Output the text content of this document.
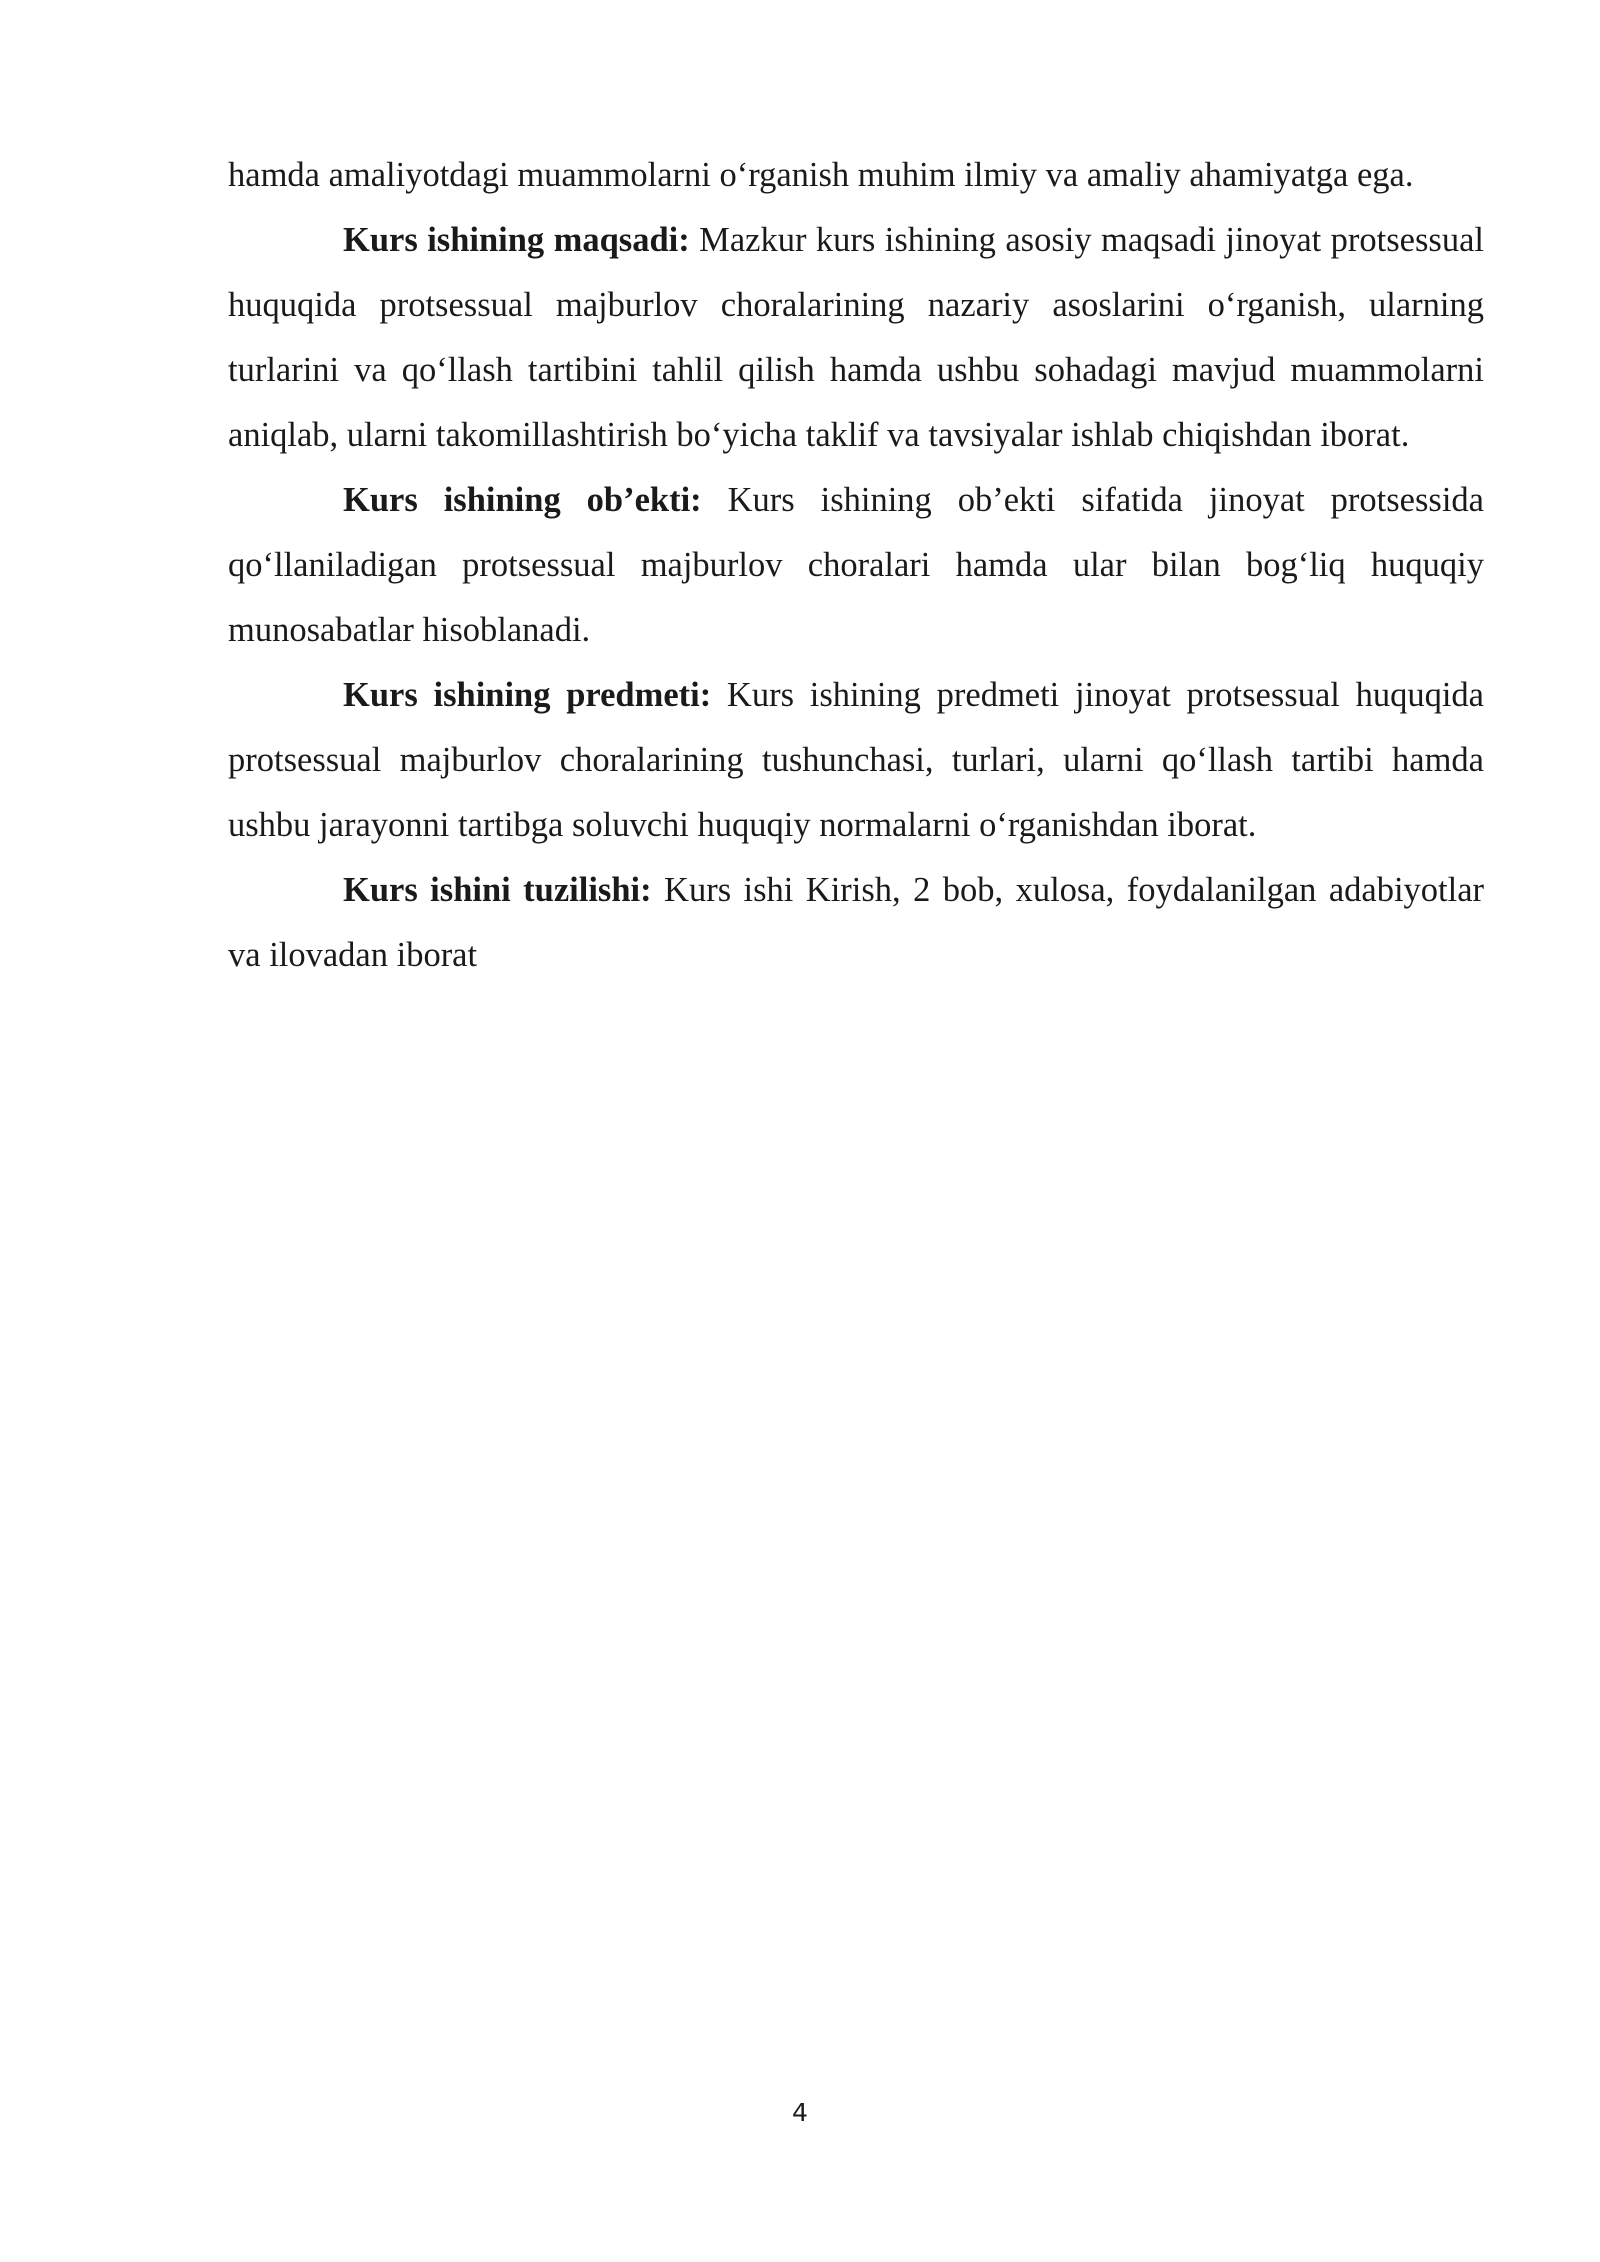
hamda amaliyotdagi muammolarni o‘rganish muhim ilmiy va amaliy ahamiyatga ega.

Kurs ishining maqsadi: Mazkur kurs ishining asosiy maqsadi jinoyat protsessual huquqida protsessual majburlov choralarining nazariy asoslarini o‘rganish, ularning turlarini va qo‘llash tartibini tahlil qilish hamda ushbu sohadagi mavjud muammolarni aniqlab, ularni takomillashtirish bo‘yicha taklif va tavsiyalar ishlab chiqishdan iborat.

Kurs ishining ob’ekti: Kurs ishining ob’ekti sifatida jinoyat protsessida qo‘llaniladigan protsessual majburlov choralari hamda ular bilan bog‘liq huquqiy munosabatlar hisoblanadi.

Kurs ishining predmeti: Kurs ishining predmeti jinoyat protsessual huquqida protsessual majburlov choralarining tushunchasi, turlari, ularni qo‘llash tartibi hamda ushbu jarayonni tartibga soluvchi huquqiy normalarni o‘rganishdan iborat.

Kurs ishini tuzilishi: Kurs ishi Kirish, 2 bob, xulosa, foydalanilgan adabiyotlar va ilovadan iborat

4
